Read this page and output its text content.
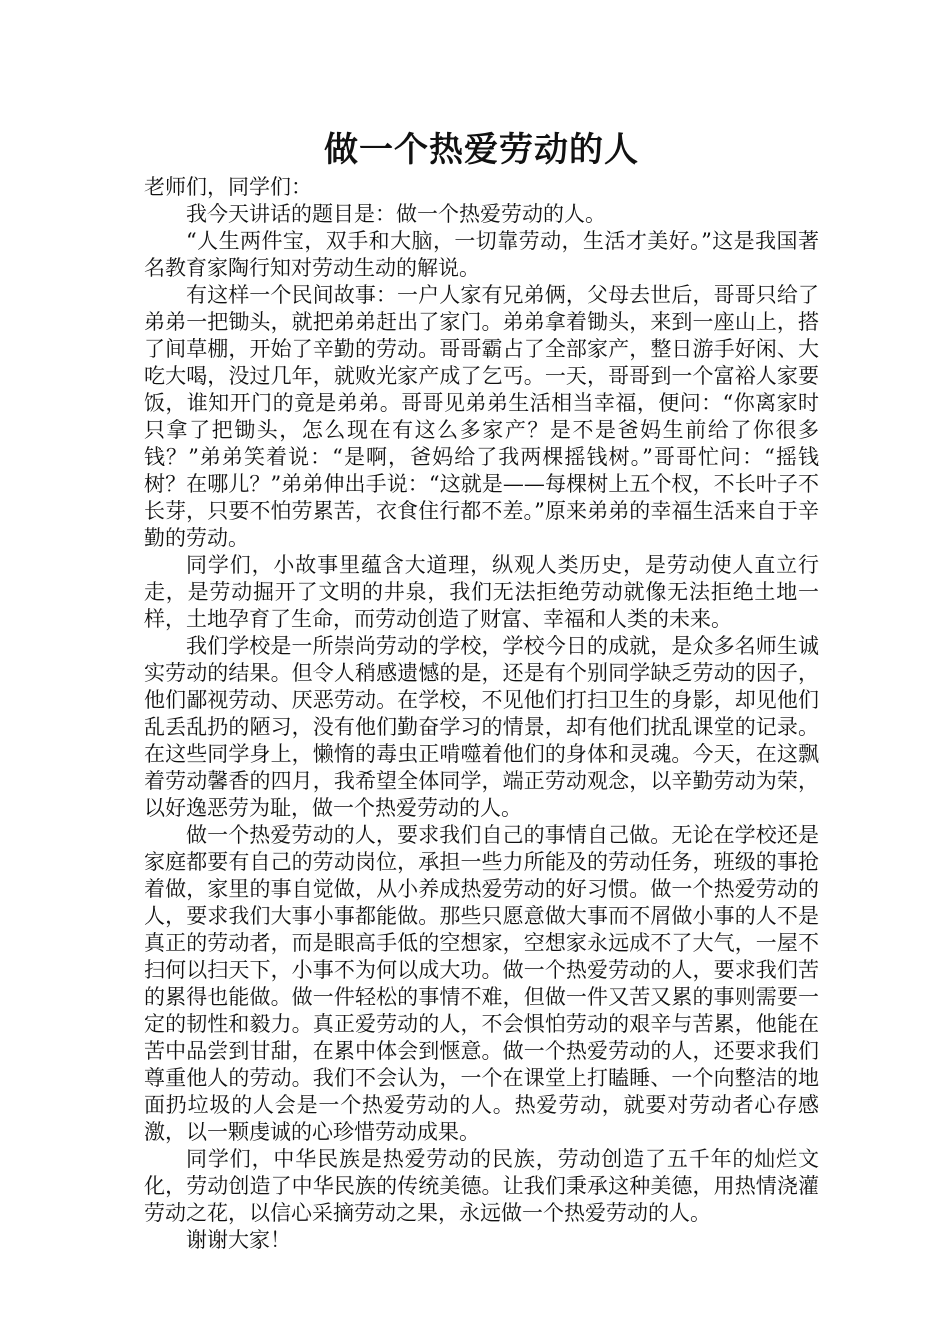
做一个热爱劳动的人

老师们，同学们：

我今天讲话的题目是：做一个热爱劳动的人。

“人生两件宝，双手和大脑，一切靠劳动，生活才美好。”这是我国著名教育家陶行知对劳动生动的解说。

有这样一个民间故事：一户人家有兄弟俩，父母去世后，哥哥只给了弟弟一把锄头，就把弟弟赶出了家门。弟弟拿着锄头，来到一座山上，搭了间草棚，开始了辛勤的劳动。哥哥霸占了全部家产，整日游手好闲、大吃大喝，没过几年，就败光家产成了乞丐。一天，哥哥到一个富裕人家要饭，谁知开门的竟是弟弟。哥哥见弟弟生活相当幸福，便问：“你离家时只拿了把锄头，怎么现在有这么多家产？是不是爸妈生前给了你很多钱？”弟弟笑着说：“是啊，爸妈给了我两棵摇钱树。”哥哥忙问：“摇钱树？在哪儿？”弟弟伸出手说：“这就是——每棵树上五个杈，不长叶子不长芽，只要不怕劳累苦，衣食住行都不差。”原来弟弟的幸福生活来自于辛勤的劳动。

同学们，小故事里蕴含大道理，纵观人类历史，是劳动使人直立行走，是劳动掘开了文明的井泉，我们无法拒绝劳动就像无法拒绝土地一样，土地孕育了生命，而劳动创造了财富、幸福和人类的未来。

我们学校是一所崇尚劳动的学校，学校今日的成就，是众多名师生诚实劳动的结果。但令人稍感遗憾的是，还是有个别同学缺乏劳动的因子，他们鄙视劳动、厌恶劳动。在学校，不见他们打扫卫生的身影，却见他们乱丢乱扔的陋习，没有他们勤奋学习的情景，却有他们扰乱课堂的记录。在这些同学身上，懒惰的毒虫正啃噬着他们的身体和灵魂。今天，在这飘着劳动馨香的四月，我希望全体同学，端正劳动观念，以辛勤劳动为荣，以好逸恶劳为耻，做一个热爱劳动的人。

做一个热爱劳动的人，要求我们自己的事情自己做。无论在学校还是家庭都要有自己的劳动岗位，承担一些力所能及的劳动任务，班级的事抢着做，家里的事自觉做，从小养成热爱劳动的好习惯。做一个热爱劳动的人，要求我们大事小事都能做。那些只愿意做大事而不屑做小事的人不是真正的劳动者，而是眼高手低的空想家，空想家永远成不了大气，一屋不扫何以扫天下，小事不为何以成大功。做一个热爱劳动的人，要求我们苦的累得也能做。做一件轻松的事情不难，但做一件又苦又累的事则需要一定的韧性和毅力。真正爱劳动的人，不会惧怕劳动的艰辛与苦累，他能在苦中品尝到甘甜，在累中体会到惬意。做一个热爱劳动的人，还要求我们尊重他人的劳动。我们不会认为，一个在课堂上打瞌睡、一个向整洁的地面扔垃圾的人会是一个热爱劳动的人。热爱劳动，就要对劳动者心存感激，以一颗虔诚的心珍惜劳动成果。

同学们，中华民族是热爱劳动的民族，劳动创造了五千年的灿烂文化，劳动创造了中华民族的传统美德。让我们秉承这种美德，用热情浇灌劳动之花，以信心采摘劳动之果，永远做一个热爱劳动的人。

谢谢大家！
